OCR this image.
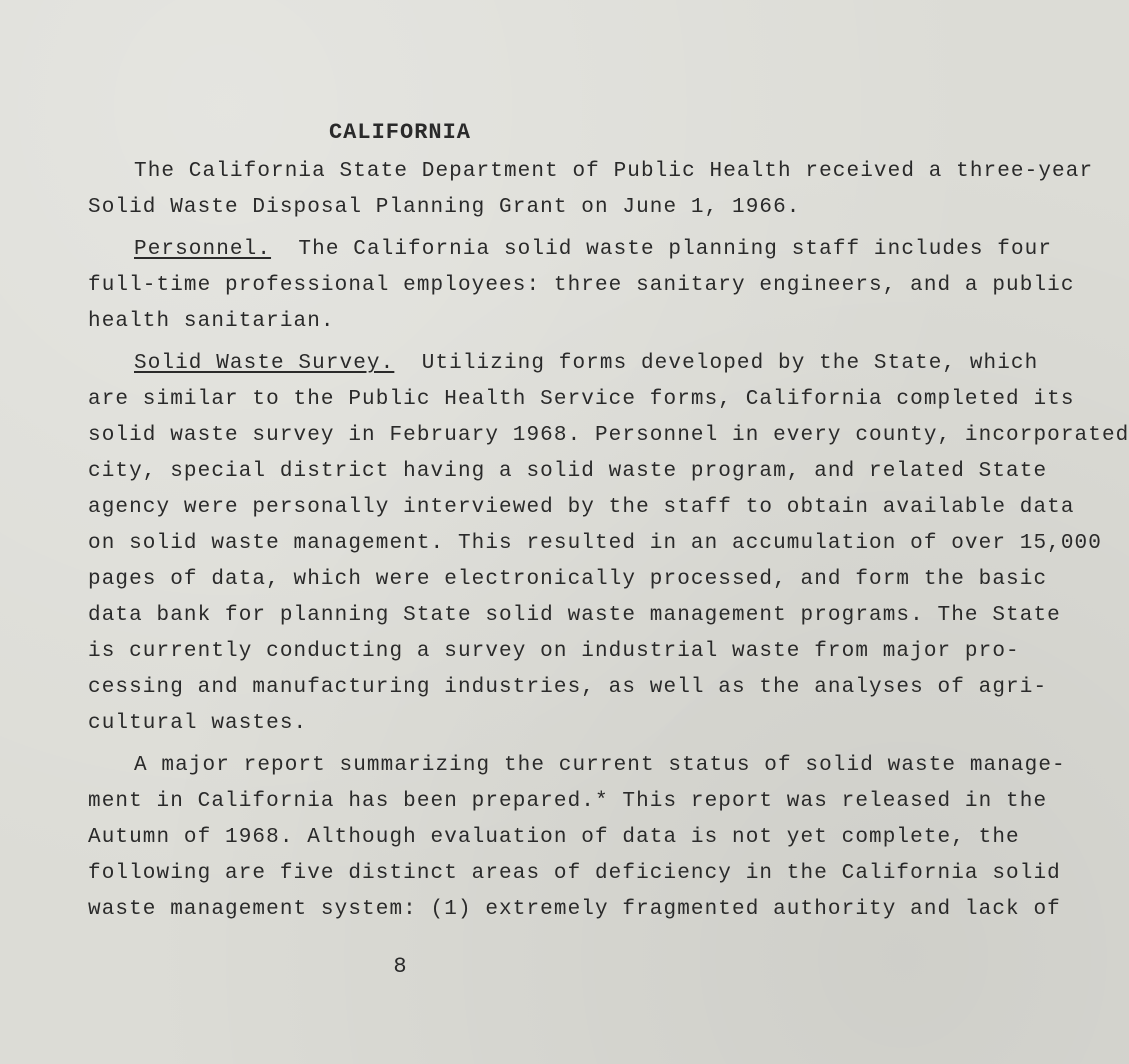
CALIFORNIA

The California State Department of Public Health received a three-year

Solid Waste Disposal Planning Grant on June 1, 1966.

Personnel.  The California solid waste planning staff includes four

full-time professional employees: three sanitary engineers, and a public

health sanitarian.

Solid Waste Survey.  Utilizing forms developed by the State, which

are similar to the Public Health Service forms, California completed its

solid waste survey in February 1968. Personnel in every county, incorporated

city, special district having a solid waste program, and related State

agency were personally interviewed by the staff to obtain available data

on solid waste management. This resulted in an accumulation of over 15,000

pages of data, which were electronically processed, and form the basic

data bank for planning State solid waste management programs. The State

is currently conducting a survey on industrial waste from major pro-

cessing and manufacturing industries, as well as the analyses of agri-

cultural wastes.

A major report summarizing the current status of solid waste manage-

ment in California has been prepared.* This report was released in the

Autumn of 1968. Although evaluation of data is not yet complete, the

following are five distinct areas of deficiency in the California solid

waste management system: (1) extremely fragmented authority and lack of

8
